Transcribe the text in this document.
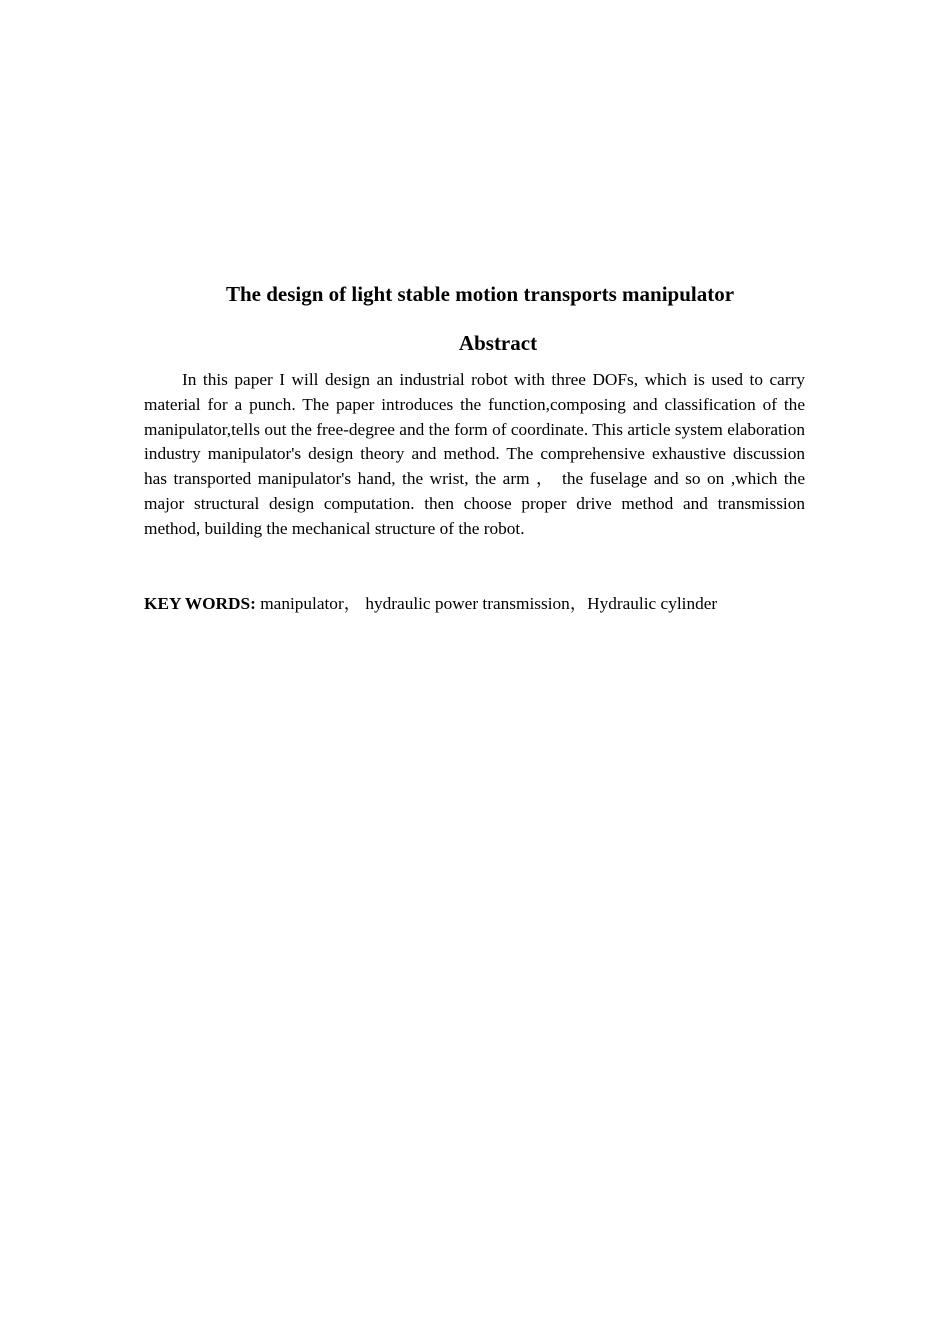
The design of light stable motion transports manipulator
Abstract

In this paper I will design an industrial robot with three DOFs, which is used to carry material for a punch. The paper introduces the function,composing and classification of the manipulator,tells out the free-degree and the form of coordinate. This article system elaboration industry manipulator's design theory and method. The comprehensive exhaustive discussion has transported manipulator's hand, the wrist, the arm ， the fuselage and so on ,which the major structural design computation. then choose proper drive method and transmission method, building the mechanical structure of the robot.

KEY WORDS: manipulator， hydraulic power transmission，Hydraulic cylinder
